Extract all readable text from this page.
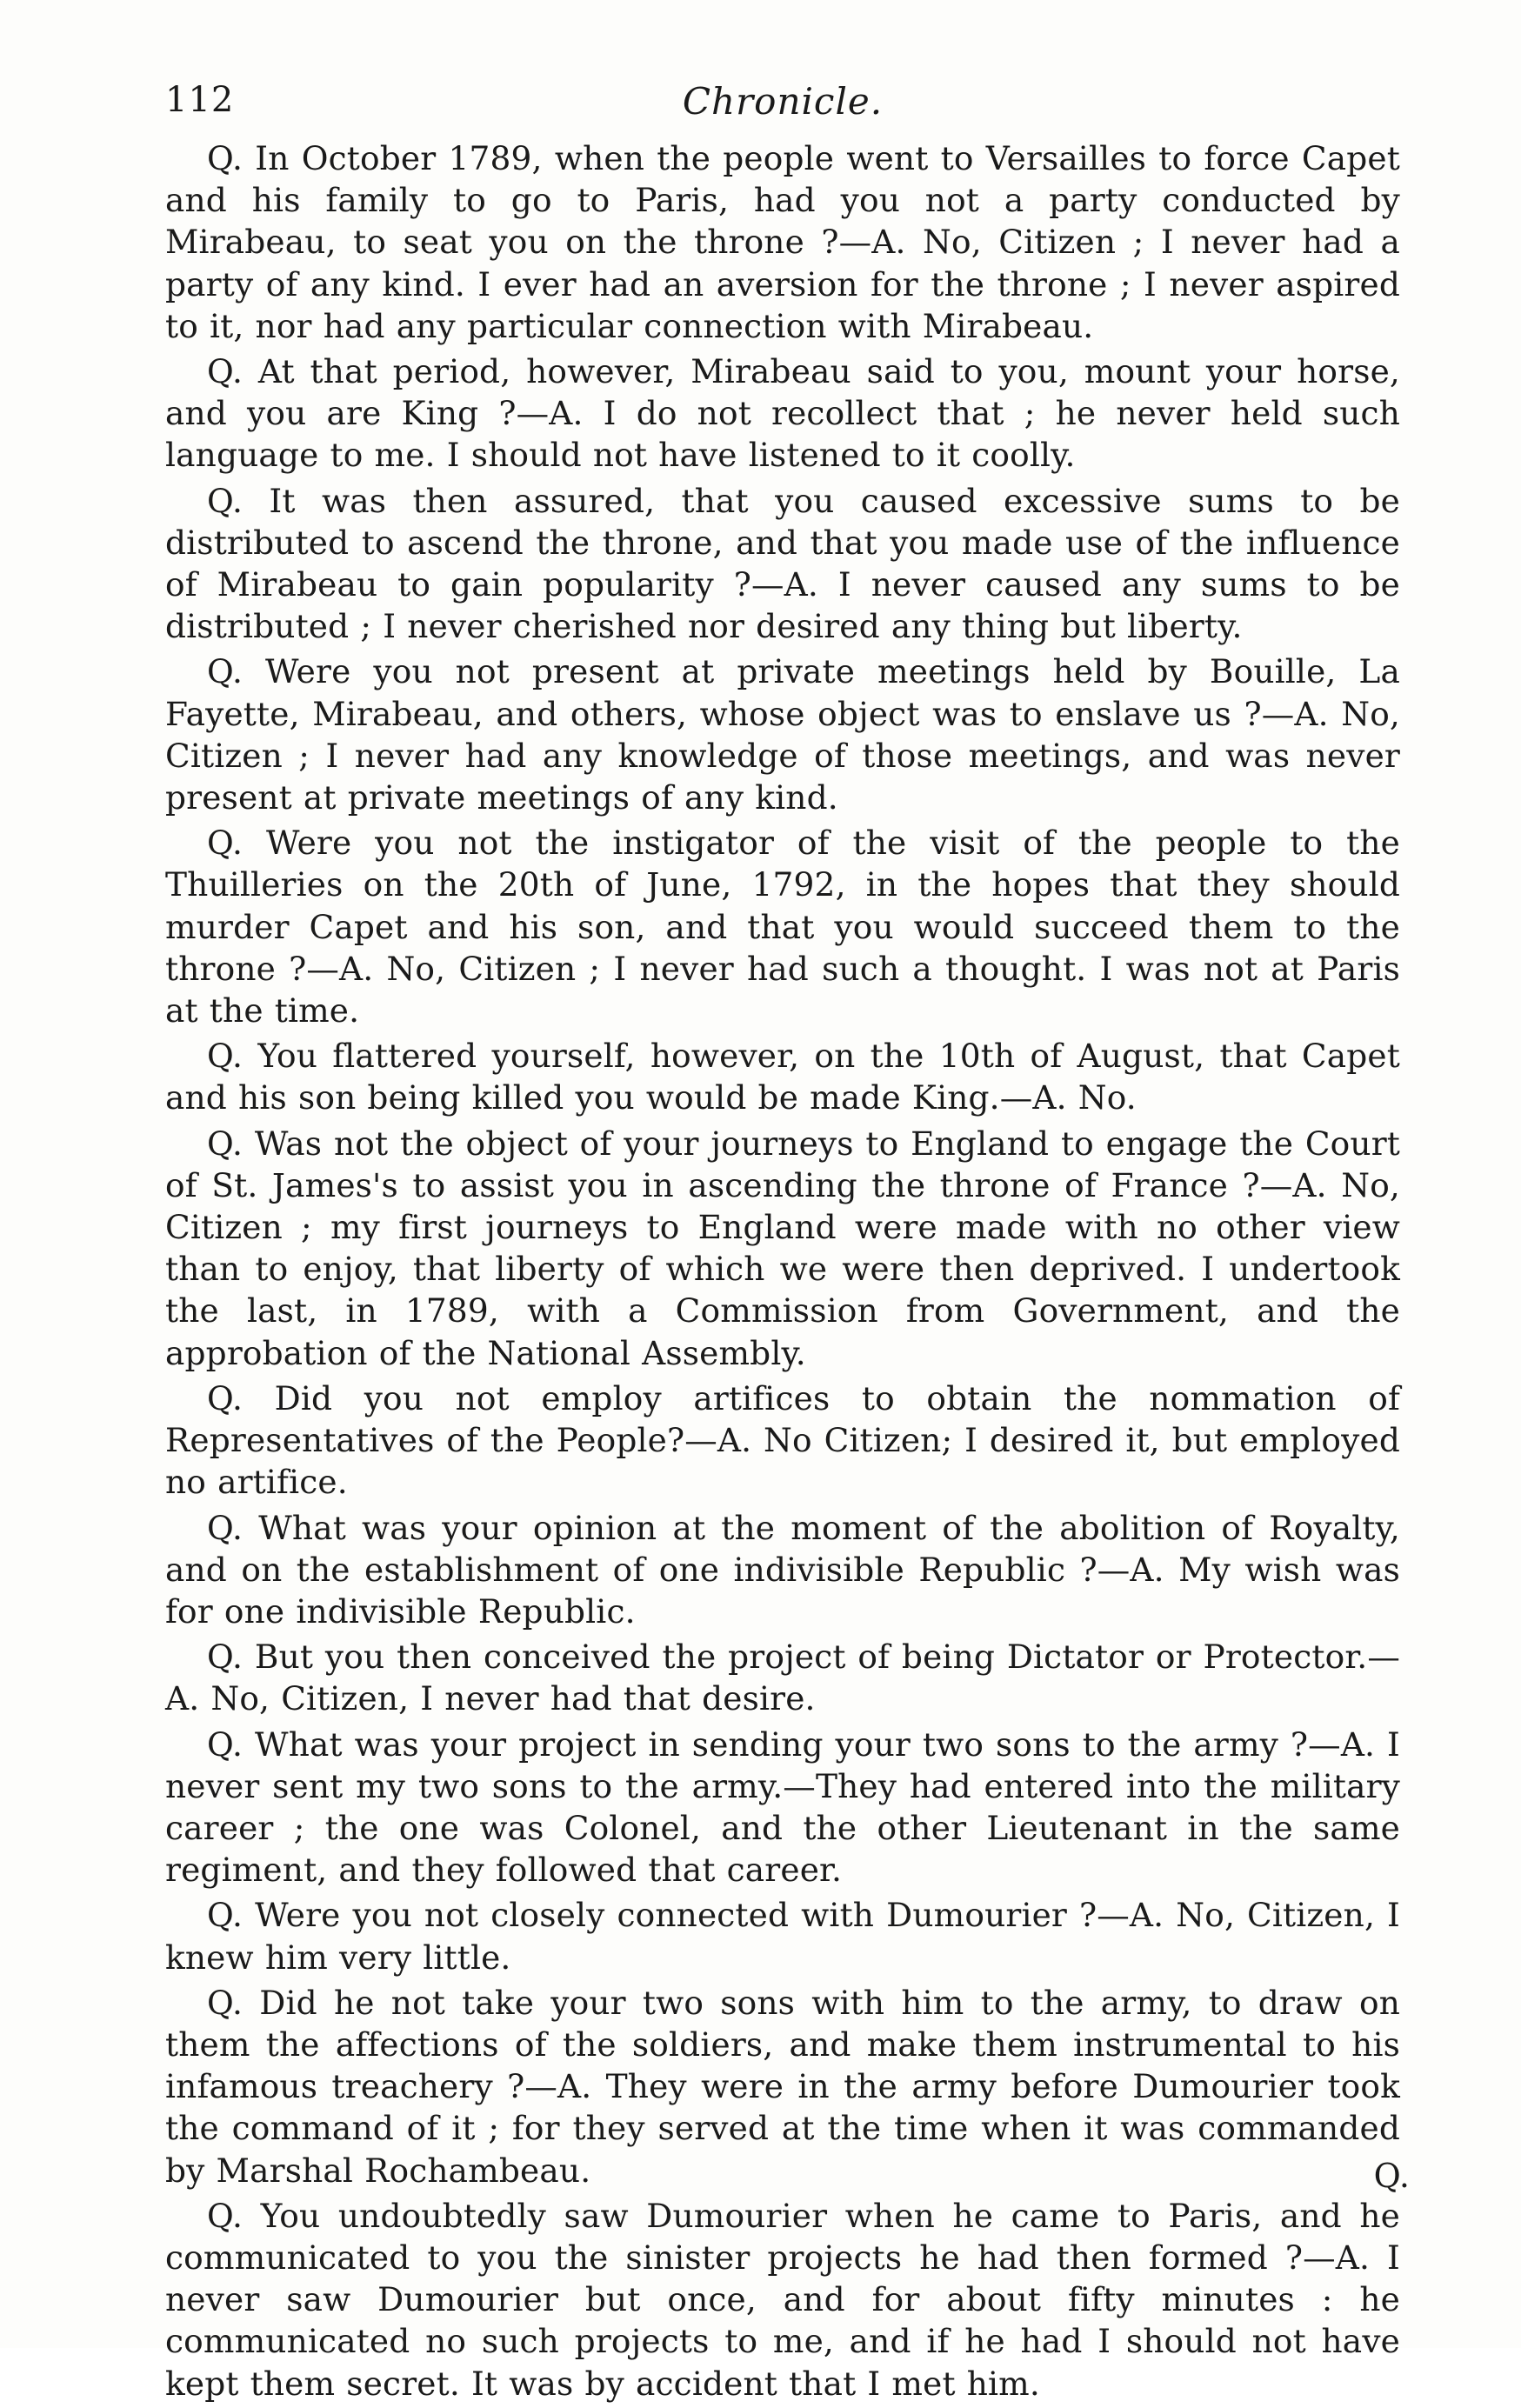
112	Chronicle.

Q. In October 1789, when the people went to Versailles to force Capet and his family to go to Paris, had you not a party conducted by Mirabeau, to seat you on the throne ?—A. No, Citizen ; I never had a party of any kind. I ever had an aversion for the throne ; I never aspired to it, nor had any particular connection with Mirabeau.

Q. At that period, however, Mirabeau said to you, mount your horse, and you are King ?—A. I do not recollect that ; he never held such language to me. I should not have listened to it coolly.

Q. It was then assured, that you caused excessive sums to be distributed to ascend the throne, and that you made use of the influence of Mirabeau to gain popularity ?—A. I never caused any sums to be distributed ; I never cherished nor desired any thing but liberty.

Q. Were you not present at private meetings held by Bouille, La Fayette, Mirabeau, and others, whose object was to enslave us ?—A. No, Citizen ; I never had any knowledge of those meetings, and was never present at private meetings of any kind.

Q. Were you not the instigator of the visit of the people to the Thuilleries on the 20th of June, 1792, in the hopes that they should murder Capet and his son, and that you would succeed them to the throne ?—A. No, Citizen ; I never had such a thought. I was not at Paris at the time.

Q. You flattered yourself, however, on the 10th of August, that Capet and his son being killed you would be made King.—A. No.

Q. Was not the object of your journeys to England to engage the Court of St. James's to assist you in ascending the throne of France ?—A. No, Citizen ; my first journeys to England were made with no other view than to enjoy, that liberty of which we were then deprived. I undertook the last, in 1789, with a Commission from Government, and the approbation of the National Assembly.

Q. Did you not employ artifices to obtain the nommation of Representatives of the People?—A. No Citizen; I desired it, but employed no artifice.

Q. What was your opinion at the moment of the abolition of Royalty, and on the establishment of one indivisible Republic ?—A. My wish was for one indivisible Republic.

Q. But you then conceived the project of being Dictator or Protector.—A. No, Citizen, I never had that desire.

Q. What was your project in sending your two sons to the army ?—A. I never sent my two sons to the army.—They had entered into the military career ; the one was Colonel, and the other Lieutenant in the same regiment, and they followed that career.

Q. Were you not closely connected with Dumourier ?—A. No, Citizen, I knew him very little.

Q. Did he not take your two sons with him to the army, to draw on them the affections of the soldiers, and make them instrumental to his infamous treachery ?—A. They were in the army before Dumourier took the command of it ; for they served at the time when it was commanded by Marshal Rochambeau.

Q. You undoubtedly saw Dumourier when he came to Paris, and he communicated to you the sinister projects he had then formed ?—A. I never saw Dumourier but once, and for about fifty minutes : he communicated no such projects to me, and if he had I should not have kept them secret. It was by accident that I met him.

Q.
